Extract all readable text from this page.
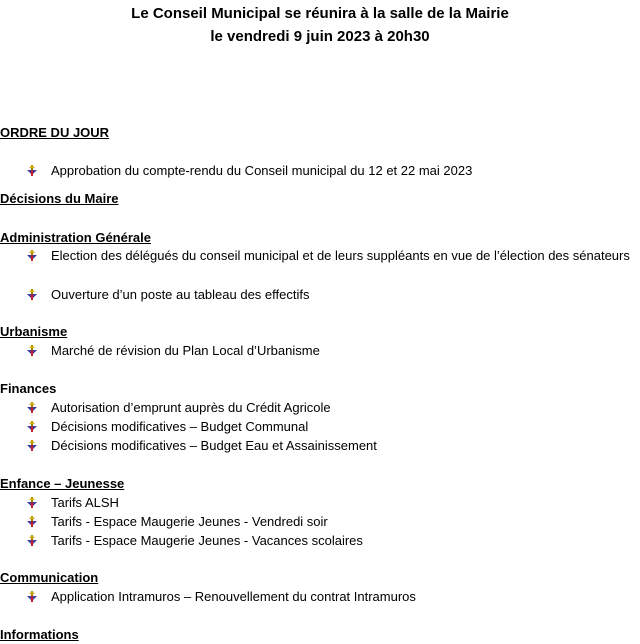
Le Conseil Municipal se réunira à la salle de la Mairie
le vendredi 9 juin 2023 à 20h30
ORDRE DU JOUR
Approbation du compte-rendu du Conseil municipal du 12 et 22 mai 2023
Décisions du Maire
Administration Générale
Election des délégués du conseil municipal et de leurs suppléants en vue de l’élection des sénateurs
Ouverture d’un poste au tableau des effectifs
Urbanisme
Marché de révision du Plan Local d’Urbanisme
Finances
Autorisation d’emprunt auprès du Crédit Agricole
Décisions modificatives – Budget Communal
Décisions modificatives – Budget Eau et Assainissement
Enfance – Jeunesse
Tarifs ALSH
Tarifs - Espace Maugerie Jeunes - Vendredi soir
Tarifs - Espace Maugerie Jeunes - Vacances scolaires
Communication
Application Intramuros – Renouvellement du contrat Intramuros
Informations
